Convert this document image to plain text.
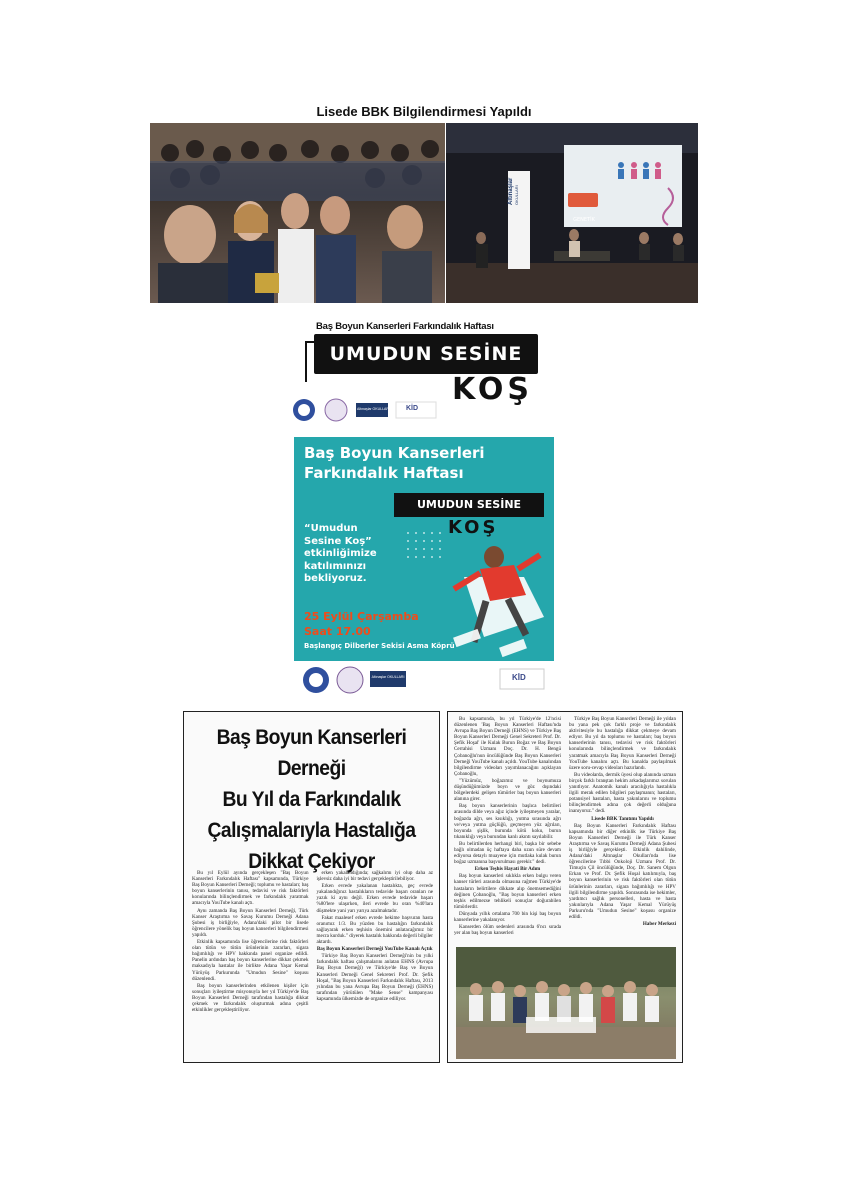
Lisede BBK Bilgilendirmesi Yapıldı
GENETİK
Altınaşlar OKULLARI
Baş Boyun Kanserleri Farkındalık Haftası
UMUDUN SESİNE
KOŞ
Altınaşlar OKULLARI KİD
Baş Boyun Kanserleri
Farkındalık Haftası
UMUDUN SESİNE
KOŞ
“Umudun
Sesine Koş”
etkinliğimize
katılımınızı
bekliyoruz.
25 Eylül Çarşamba
Saat 17.00
Başlangıç Dilberler Sekisi Asma Köprü
Altınaşlar OKULLARI	KİD
Baş Boyun Kanserleri Derneği
Bu Yıl da Farkındalık
Çalışmalarıyla Hastalığa
Dikkat Çekiyor

Bu yıl Eylül ayında gerçekleşen "Baş Boyun Kanserleri Farkındalık Haftası" kapsamında, Türkiye Baş Boyun Kanserleri Derneği; toplumu ve hastaları; baş boyun kanserlerinin tanısı, tedavisi ve risk faktörleri konularında bilinçlendirmek ve farkındalık yaratmak amacıyla YouTube kanalı açtı.

Aynı zamanda Baş Boyun Kanserleri Derneği, Türk Kanser Araştırma ve Savaş Kurumu Derneği Adana Şubesi iş birliğiyle, Adana'daki pilot bir lisede öğrencilere yönelik baş boyun kanserleri bilgilendirmesi yapıldı.

Etkinlik kapsamında lise öğrencilerine risk faktörleri olan tütün ve tütün ürünlerinin zararları, sigara bağımlılığı ve HPV hakkında panel organize edildi. Panelin ardından baş boyun kanserlerine dikkat çekmek maksadıyla hastalar ile birlikte Adana Yaşar Kemal Yürüyüş Parkurunda "Umudun Sesine" koşusu düzenlendi.

Baş boyun kanserlerinden etkilenen kişiler için sonuçları iyileştirme misyonuyla her yıl Türkiye'de Baş Boyun Kanserleri Derneği tarafından hastalığa dikkat çekmek ve farkındalık oluşturmak adına çeşitli etkinlikler gerçekleştiriliyor.

erken yakalandığında; sağkalımı iyi olup daha az işlevsiz daha iyi bir tedavi gerçekleştirilebiliyor.

Erken evrede yakalanan hastalıkta, geç evrede yakalandığınız hastalıkların tedavide başarı oranları ne yazık ki aynı değil. Erken evrede tedavide başarı %80'lere ulaşırken, ileri evrede bu oran %40'lara düşmekte yani yarı yarıya azalmaktadır.

Fakat maalesef erken evrede hekime başvuran hasta oranımız 1/3. Bu yüzden bu hastalığın farkındalık sağlayarak erken teşhisin önemini anlatacağımız bir mecra kurduk." diyerek hastalık hakkında değerli bilgiler aktardı.

Baş Boyun Kanserleri Derneği YouTube Kanalı Açtık

Türkiye Baş Boyun Kanserleri Derneği'nin bu yılki farkındalık haftası çalışmalarını anlatan EHNS (Avrupa Baş Boyun Derneği) ve Türkiye'de Baş ve Boyun Kanserleri Derneği Genel Sekreteri Prof. Dr. Şefik Hoşal, "Baş Boyun Kanserleri Farkındalık Haftası, 2013 yılından bu yana Avrupa Baş Boyun Derneği (EHNS) tarafından yürütülen "Make Sense" kampanyası kapsamında ülkemizde de organize ediliyor.

Bu kapsamında, bu yıl Türkiye'de 12'ncisi düzenlenen 'Baş Boyun Kanserleri Haftası'nda Avrupa Baş Boyun Derneği (EHNS) ve Türkiye Baş Boyun Kanserleri Derneği Genel Sekreteri Prof. Dr. Şefik Hoşal' ile Kulak Burun Boğaz ve Baş Boyun Cerrahisi Uzmanı Doç. Dr. H. Bengü Çobanoğlu'nun öncülüğünde Baş Boyun Kanserleri Derneği YouTube kanalı açıldı. YouTube kanalından bilgilendirme videoları yayımlanacağını açıklayan Çobanoğlu,

"Yüzümüz, boğazımız ve boynumuza düşündüğümüzde boyn ve göz dışındaki bölgelerdeki gelişen tümörler baş boyun kanserleri alanına girer.

Baş boyun kanserlerinin başlıca belirtileri arasında dilde veya ağız içinde iyileşmeyen yaralar, boğazda ağrı, ses kısıklığı, yutma sırasında ağrı ve/veya yutma güçlüğü, geçmeyen yüz ağrıları, boyunda şişlik, burunda kötü koku, burun tıkanıklığı veya burundan kanlı akıntı sayılabilir.

Bu belirtilerden herhangi biri, başka bir sebebe bağlı olmadan üç haftaya daha uzun süre devam ediyorsa detaylı muayene için mutlaka kulak burun boğaz uzmanına başvurulması gerekir." dedi.

Erken Teşhis Hayati Bir Adım

Baş boyun kanserleri sıklıkla erken bulgu veren kanser türleri arasında olmasına rağmen Türkiye'de hastaların belirtilere dikkate alıp önemsemediğini değinen Çobanoğlu, "Baş boyun kanserleri erken teşhis edilmezse tehlikeli sonuçlar doğurabilen tümörlerdir.

Dünyada yıllık ortalama 700 bin kişi baş boyun kanserlerine yakalanıyor.

Kanserden ölüm sedenleri arasında 6'ncı sırada yer alan baş boyun kanserleri

Türkiye Baş Boyun Kanserleri Derneği ile yıldan bu yana pek çok farklı proje ve farkındalık aktivitesiyle bu hastalığa dikkat çekmeye devam ediyor. Bu yıl da toplumu ve hastaları; baş boyun kanserlerinin tanısı, tedavisi ve risk faktörleri konularında bilinçlendirmek ve farkındalık yaratmak amacıyla Baş Boyun Kanserleri Derneği YouTube kanalını açtı. Bu kanalda paylaşılmak üzere soru-cevap videoları hazırlandı.

Bu videolarda, dermik üyesi olup alanında uzman birçok farklı branştan hekim arkadaşlarımız sorulan yanıtlıyor. Anatomik kanalı aracılığıyla hastalıkla ilgili merak edilen bilgileri paylaşmanın; hastaları, potansiyel hastaları, hasta yakınlarını ve toplumu bilinçlendirmek adına çok değerli olduğuna inanıyoruz." dedi.

Lisede BBK Tanıtımı Yapıldı

Baş Boyun Kanserleri Farkındalık Haftası kapsamında bir diğer etkinlik ise Türkiye Baş Boyun Kanserleri Derneği ile Türk Kanser Araştırma ve Savaş Kurumu Derneği Adana Şubesi iş birliğiyle gerçekleşti. Etkinlik dahilinde, Adana'daki Altınaşlar Okulları'nda lise öğrencilerine Tıbbi Onkoloji Uzmanı Prof. Dr. Timuçin Çil öncülüğünde, Doç. Dr. Sanem Olgun Erkan ve Prof. Dr. Şefik Hoşal katılımıyla, baş boyun kanserlerinin ve risk faktörleri olan tütün ürünlerinin zararları, sigara bağımlılığı ve HPV ilgili bilgilendirme yapıldı. Sonrasında ise hekimler, yardımcı sağlık personelleri, hasta ve hasta yakınlarıyla Adana Yaşar Kemal Yürüyüş Parkuru'nda "Umudun Sesine" koşusu organize edildi.

Haber Merkezi
